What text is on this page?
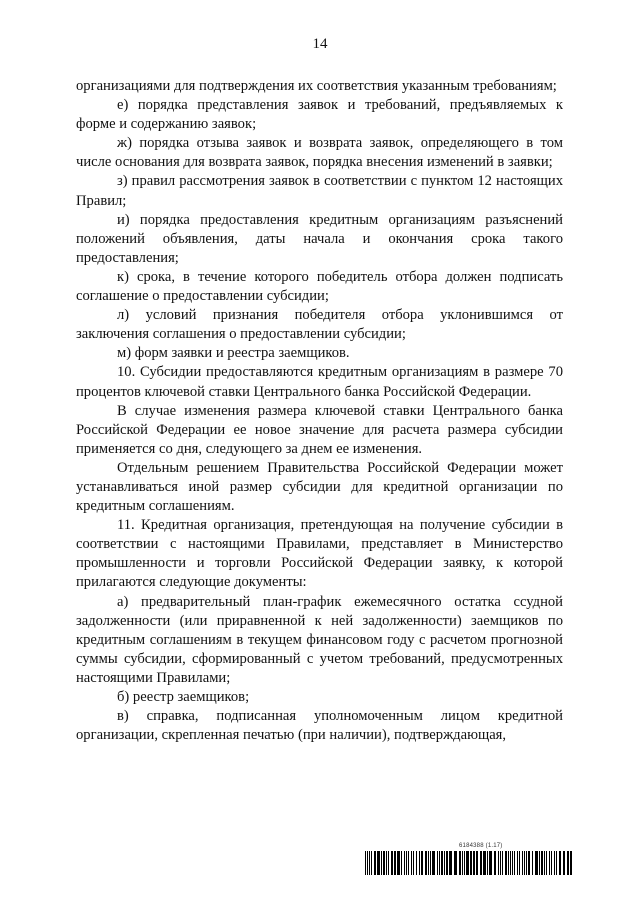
14

организациями для подтверждения их соответствия указанным требованиям;

е) порядка представления заявок и требований, предъявляемых к форме и содержанию заявок;

ж) порядка отзыва заявок и возврата заявок, определяющего в том числе основания для возврата заявок, порядка внесения изменений в заявки;

з) правил рассмотрения заявок в соответствии с пунктом 12 настоящих Правил;

и) порядка предоставления кредитным организациям разъяснений положений объявления, даты начала и окончания срока такого предоставления;

к) срока, в течение которого победитель отбора должен подписать соглашение о предоставлении субсидии;

л) условий признания победителя отбора уклонившимся от заключения соглашения о предоставлении субсидии;

м) форм заявки и реестра заемщиков.

10. Субсидии предоставляются кредитным организациям в размере 70 процентов ключевой ставки Центрального банка Российской Федерации.

В случае изменения размера ключевой ставки Центрального банка Российской Федерации ее новое значение для расчета размера субсидии применяется со дня, следующего за днем ее изменения.

Отдельным решением Правительства Российской Федерации может устанавливаться иной размер субсидии для кредитной организации по кредитным соглашениям.

11. Кредитная организация, претендующая на получение субсидии в соответствии с настоящими Правилами, представляет в Министерство промышленности и торговли Российской Федерации заявку, к которой прилагаются следующие документы:

а) предварительный план-график ежемесячного остатка ссудной задолженности (или приравненной к ней задолженности) заемщиков по кредитным соглашениям в текущем финансовом году с расчетом прогнозной суммы субсидии, сформированный с учетом требований, предусмотренных настоящими Правилами;

б) реестр заемщиков;

в) справка, подписанная уполномоченным лицом кредитной организации, скрепленная печатью (при наличии), подтверждающая,

6184388 (1.17)
